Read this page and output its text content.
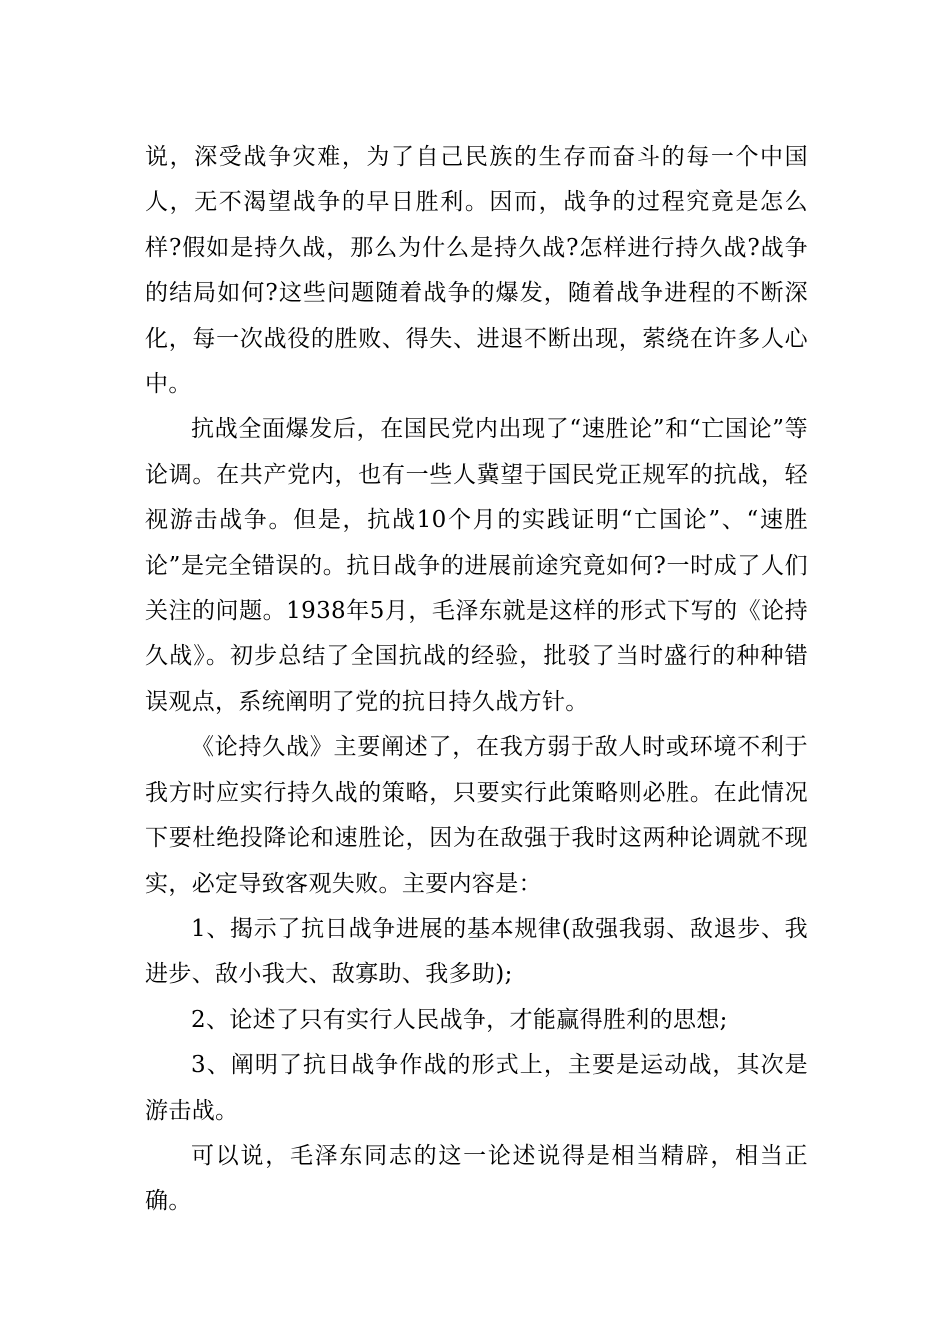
说，深受战争灾难，为了自己民族的生存而奋斗的每一个中国人，无不渴望战争的早日胜利。因而，战争的过程究竟是怎么样?假如是持久战，那么为什么是持久战?怎样进行持久战?战争的结局如何?这些问题随着战争的爆发，随着战争进程的不断深化，每一次战役的胜败、得失、进退不断出现，萦绕在许多人心中。

抗战全面爆发后，在国民党内出现了“速胜论”和“亡国论”等论调。在共产党内，也有一些人冀望于国民党正规军的抗战，轻视游击战争。但是，抗战10个月的实践证明“亡国论”、“速胜论”是完全错误的。抗日战争的进展前途究竟如何?一时成了人们关注的问题。1938年5月，毛泽东就是这样的形式下写的《论持久战》。初步总结了全国抗战的经验，批驳了当时盛行的种种错误观点，系统阐明了党的抗日持久战方针。

《论持久战》主要阐述了，在我方弱于敌人时或环境不利于我方时应实行持久战的策略，只要实行此策略则必胜。在此情况下要杜绝投降论和速胜论，因为在敌强于我时这两种论调就不现实，必定导致客观失败。主要内容是：

1、揭示了抗日战争进展的基本规律(敌强我弱、敌退步、我进步、敌小我大、敌寡助、我多助);

2、论述了只有实行人民战争，才能赢得胜利的思想;

3、阐明了抗日战争作战的形式上，主要是运动战，其次是游击战。

可以说，毛泽东同志的这一论述说得是相当精辟，相当正确。
